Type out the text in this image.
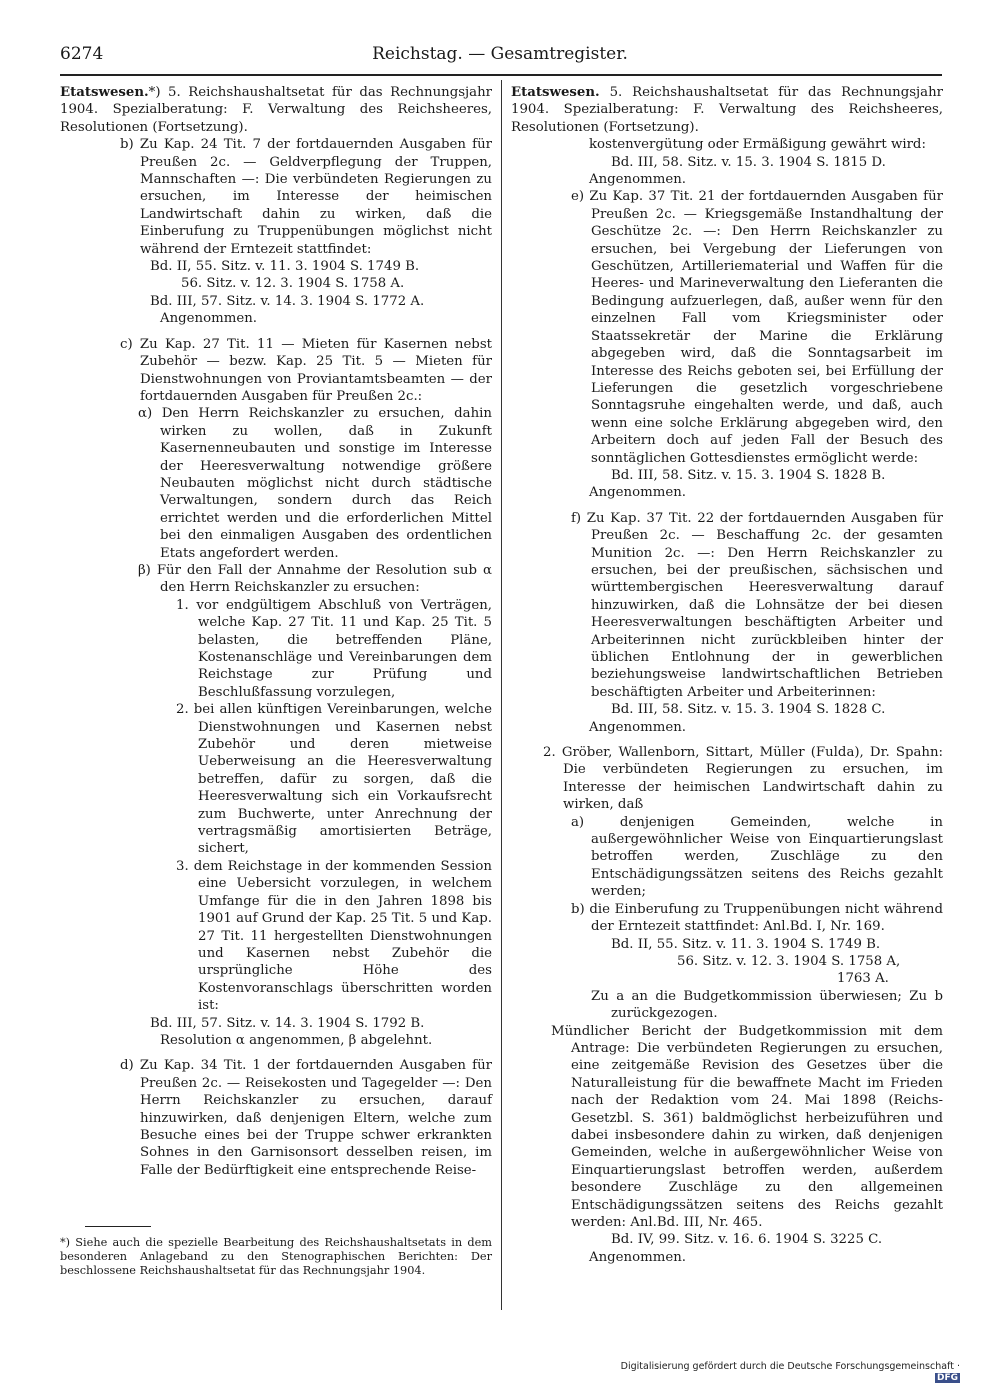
6274	Reichstag. — Gesamtregister.

Etatswesen.*) 5. Reichshaushaltsetat für das Rechnungsjahr 1904. Spezialberatung: F. Verwaltung des Reichsheeres, Resolutionen (Fortsetzung).

b) Zu Kap. 24 Tit. 7 der fortdauernden Ausgaben für Preußen 2c. — Geldverpflegung der Truppen, Mannschaften —: Die verbündeten Regierungen zu ersuchen, im Interesse der heimischen Landwirtschaft dahin zu wirken, daß die Einberufung zu Truppenübungen möglichst nicht während der Erntezeit stattfindet:

Bd. II, 55. Sitz. v. 11. 3. 1904 S. 1749 B.

56. Sitz. v. 12. 3. 1904 S. 1758 A.

Bd. III, 57. Sitz. v. 14. 3. 1904 S. 1772 A.

Angenommen.

c) Zu Kap. 27 Tit. 11 — Mieten für Kasernen nebst Zubehör — bezw. Kap. 25 Tit. 5 — Mieten für Dienstwohnungen von Proviantamtsbeamten — der fortdauernden Ausgaben für Preußen 2c.:

α) Den Herrn Reichskanzler zu ersuchen, dahin wirken zu wollen, daß in Zukunft Kasernenneubauten und sonstige im Interesse der Heeresverwaltung notwendige größere Neubauten möglichst nicht durch städtische Verwaltungen, sondern durch das Reich errichtet werden und die erforderlichen Mittel bei den einmaligen Ausgaben des ordentlichen Etats angefordert werden.

β) Für den Fall der Annahme der Resolution sub α den Herrn Reichskanzler zu ersuchen:

1. vor endgültigem Abschluß von Verträgen, welche Kap. 27 Tit. 11 und Kap. 25 Tit. 5 belasten, die betreffenden Pläne, Kostenanschläge und Vereinbarungen dem Reichstage zur Prüfung und Beschlußfassung vorzulegen,

2. bei allen künftigen Vereinbarungen, welche Dienstwohnungen und Kasernen nebst Zubehör und deren mietweise Ueberweisung an die Heeresverwaltung betreffen, dafür zu sorgen, daß die Heeresverwaltung sich ein Vorkaufsrecht zum Buchwerte, unter Anrechnung der vertragsmäßig amortisierten Beträge, sichert,

3. dem Reichstage in der kommenden Session eine Uebersicht vorzulegen, in welchem Umfange für die in den Jahren 1898 bis 1901 auf Grund der Kap. 25 Tit. 5 und Kap. 27 Tit. 11 hergestellten Dienstwohnungen und Kasernen nebst Zubehör die ursprüngliche Höhe des Kostenvoranschlags überschritten worden ist:

Bd. III, 57. Sitz. v. 14. 3. 1904 S. 1792 B.

Resolution α angenommen, β abgelehnt.

d) Zu Kap. 34 Tit. 1 der fortdauernden Ausgaben für Preußen 2c. — Reisekosten und Tagegelder —: Den Herrn Reichskanzler zu ersuchen, darauf hinzuwirken, daß denjenigen Eltern, welche zum Besuche eines bei der Truppe schwer erkrankten Sohnes in den Garnisonsort desselben reisen, im Falle der Bedürftigkeit eine entsprechende Reise-

*) Siehe auch die spezielle Bearbeitung des Reichshaushaltsetats in dem besonderen Anlageband zu den Stenographischen Berichten: Der beschlossene Reichshaushaltsetat für das Rechnungsjahr 1904.

Etatswesen. 5. Reichshaushaltsetat für das Rechnungsjahr 1904. Spezialberatung: F. Verwaltung des Reichsheeres, Resolutionen (Fortsetzung).

kostenvergütung oder Ermäßigung gewährt wird:

Bd. III, 58. Sitz. v. 15. 3. 1904 S. 1815 D.

Angenommen.

e) Zu Kap. 37 Tit. 21 der fortdauernden Ausgaben für Preußen 2c. — Kriegsgemäße Instandhaltung der Geschütze 2c. —: Den Herrn Reichskanzler zu ersuchen, bei Vergebung der Lieferungen von Geschützen, Artilleriematerial und Waffen für die Heeres- und Marineverwaltung den Lieferanten die Bedingung aufzuerlegen, daß, außer wenn für den einzelnen Fall vom Kriegsminister oder Staatssekretär der Marine die Erklärung abgegeben wird, daß die Sonntagsarbeit im Interesse des Reichs geboten sei, bei Erfüllung der Lieferungen die gesetzlich vorgeschriebene Sonntagsruhe eingehalten werde, und daß, auch wenn eine solche Erklärung abgegeben wird, den Arbeitern doch auf jeden Fall der Besuch des sonntäglichen Gottesdienstes ermöglicht werde:

Bd. III, 58. Sitz. v. 15. 3. 1904 S. 1828 B.

Angenommen.

f) Zu Kap. 37 Tit. 22 der fortdauernden Ausgaben für Preußen 2c. — Beschaffung 2c. der gesamten Munition 2c. —: Den Herrn Reichskanzler zu ersuchen, bei der preußischen, sächsischen und württembergischen Heeresverwaltung darauf hinzuwirken, daß die Lohnsätze der bei diesen Heeresverwaltungen beschäftigten Arbeiter und Arbeiterinnen nicht zurückbleiben hinter der üblichen Entlohnung der in gewerblichen beziehungsweise landwirtschaftlichen Betrieben beschäftigten Arbeiter und Arbeiterinnen:

Bd. III, 58. Sitz. v. 15. 3. 1904 S. 1828 C.

Angenommen.

2. Gröber, Wallenborn, Sittart, Müller (Fulda), Dr. Spahn: Die verbündeten Regierungen zu ersuchen, im Interesse der heimischen Landwirtschaft dahin zu wirken, daß

a) denjenigen Gemeinden, welche in außergewöhnlicher Weise von Einquartierungslast betroffen werden, Zuschläge zu den Entschädigungssätzen seitens des Reichs gezahlt werden;

b) die Einberufung zu Truppenübungen nicht während der Erntezeit stattfindet: Anl.Bd. I, Nr. 169.

Bd. II, 55. Sitz. v. 11. 3. 1904 S. 1749 B.

56. Sitz. v. 12. 3. 1904 S. 1758 A,

1763 A.

Zu a an die Budgetkommission überwiesen; Zu b zurückgezogen.

Mündlicher Bericht der Budgetkommission mit dem Antrage: Die verbündeten Regierungen zu ersuchen, eine zeitgemäße Revision des Gesetzes über die Naturalleistung für die bewaffnete Macht im Frieden nach der Redaktion vom 24. Mai 1898 (Reichs-Gesetzbl. S. 361) baldmöglichst herbeizuführen und dabei insbesondere dahin zu wirken, daß denjenigen Gemeinden, welche in außergewöhnlicher Weise von Einquartierungslast betroffen werden, außerdem besondere Zuschläge zu den allgemeinen Entschädigungssätzen seitens des Reichs gezahlt werden: Anl.Bd. III, Nr. 465.

Bd. IV, 99. Sitz. v. 16. 6. 1904 S. 3225 C.

Angenommen.

Digitalisierung gefördert durch die Deutsche Forschungsgemeinschaft ·DFG
